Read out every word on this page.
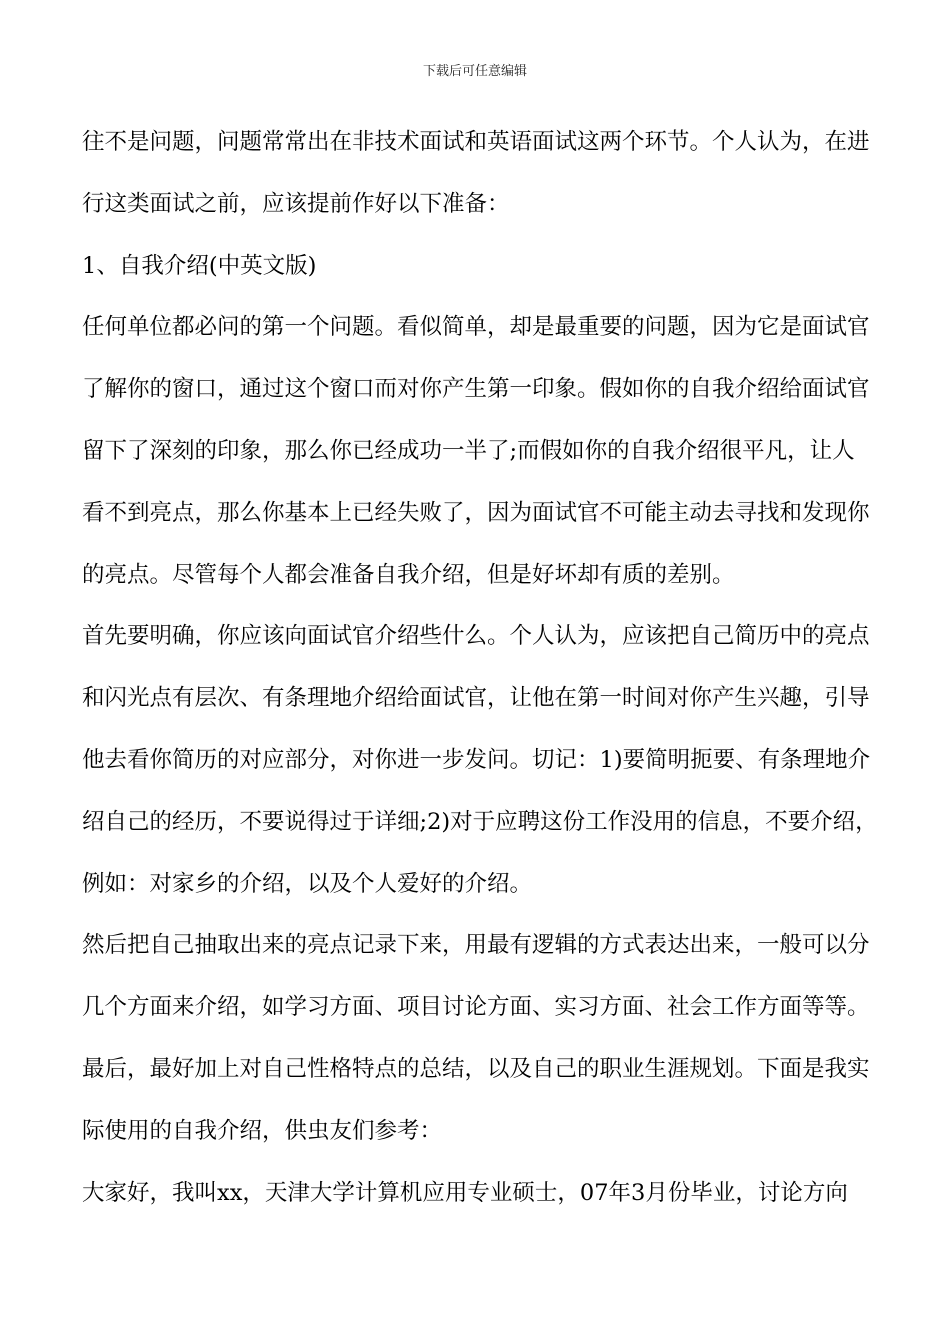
下载后可任意编辑
往不是问题，问题常常出在非技术面试和英语面试这两个环节。个人认为，在进
行这类面试之前，应该提前作好以下准备：
1、自我介绍(中英文版)
任何单位都必问的第一个问题。看似简单，却是最重要的问题，因为它是面试官
了解你的窗口，通过这个窗口而对你产生第一印象。假如你的自我介绍给面试官
留下了深刻的印象，那么你已经成功一半了;而假如你的自我介绍很平凡，让人
看不到亮点，那么你基本上已经失败了，因为面试官不可能主动去寻找和发现你
的亮点。尽管每个人都会准备自我介绍，但是好坏却有质的差别。
首先要明确，你应该向面试官介绍些什么。个人认为，应该把自己简历中的亮点
和闪光点有层次、有条理地介绍给面试官，让他在第一时间对你产生兴趣，引导
他去看你简历的对应部分，对你进一步发问。切记：1)要简明扼要、有条理地介
绍自己的经历，不要说得过于详细;2)对于应聘这份工作没用的信息，不要介绍，
例如：对家乡的介绍，以及个人爱好的介绍。
然后把自己抽取出来的亮点记录下来，用最有逻辑的方式表达出来，一般可以分
几个方面来介绍，如学习方面、项目讨论方面、实习方面、社会工作方面等等。
最后，最好加上对自己性格特点的总结，以及自己的职业生涯规划。下面是我实
际使用的自我介绍，供虫友们参考：
大家好，我叫xx，天津大学计算机应用专业硕士，07年3月份毕业，讨论方向
